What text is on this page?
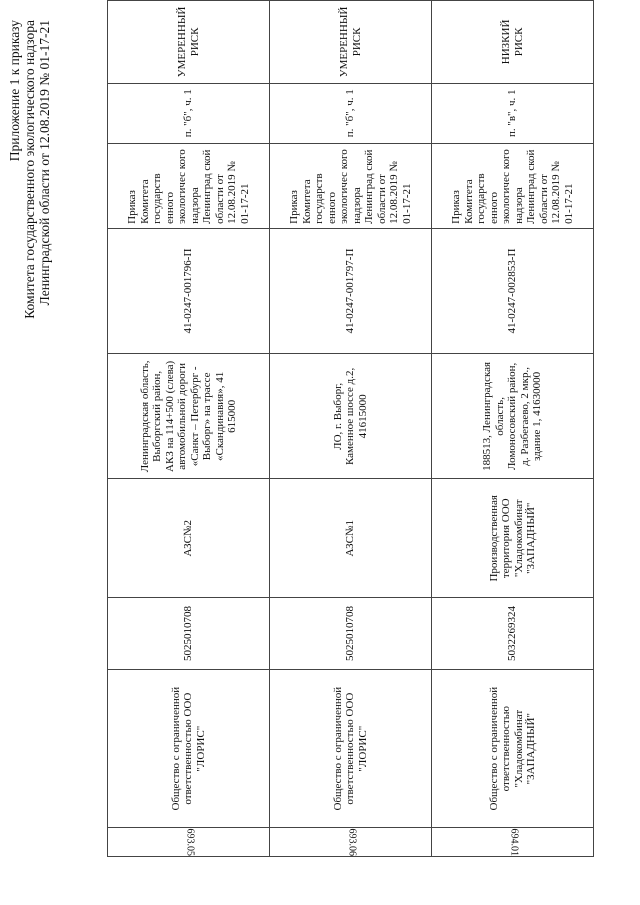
Приложение 1 к приказу Комитета государственного экологического надзора Ленинградской области от 12.08.2019 № 01-17-21
693.05	Общество с ограниченной ответственностью ООО "ЛОРИС"	5025010708	АЗС№2	Ленинградская область, Выборгский район, АКЗ на 114+500 (слева) автомобильной дороги «Санкт – Петербург - Выборг» на трассе «Скандинавия», 41 615000	41-0247-001796-П	Приказ Комитета государств енного экологичес кого надзора Ленинград ской области от 12.08.2019 № 01-17-21	п. "б", ч. 1	УМЕРЕННЫЙ РИСК
693.06	Общество с ограниченной ответственностью ООО "ЛОРИС"	5025010708	АЗС№1	ЛО, г. Выборг, Каменное шоссе д.2, 41615000	41-0247-001797-П	Приказ Комитета государств енного экологичес кого надзора Ленинград ской области от 12.08.2019 № 01-17-21	п. "б", ч. 1	УМЕРЕННЫЙ РИСК
694.01	Общество с ограниченной ответственностью "Хладокомбинат "ЗАПАДНЫЙ"	5032269324	Производственная территория ООО "Хладокомбинат "ЗАПАДНЫЙ"	188513, Ленинградская область, Ломоносовский район, д. Разбегаево, 2 мкр., здание 1, 41630000	41-0247-002853-П	Приказ Комитета государств енного экологичес кого надзора Ленинград ской области от 12.08.2019 № 01-17-21	п. "в", ч. 1	НИЗКИЙ РИСК
